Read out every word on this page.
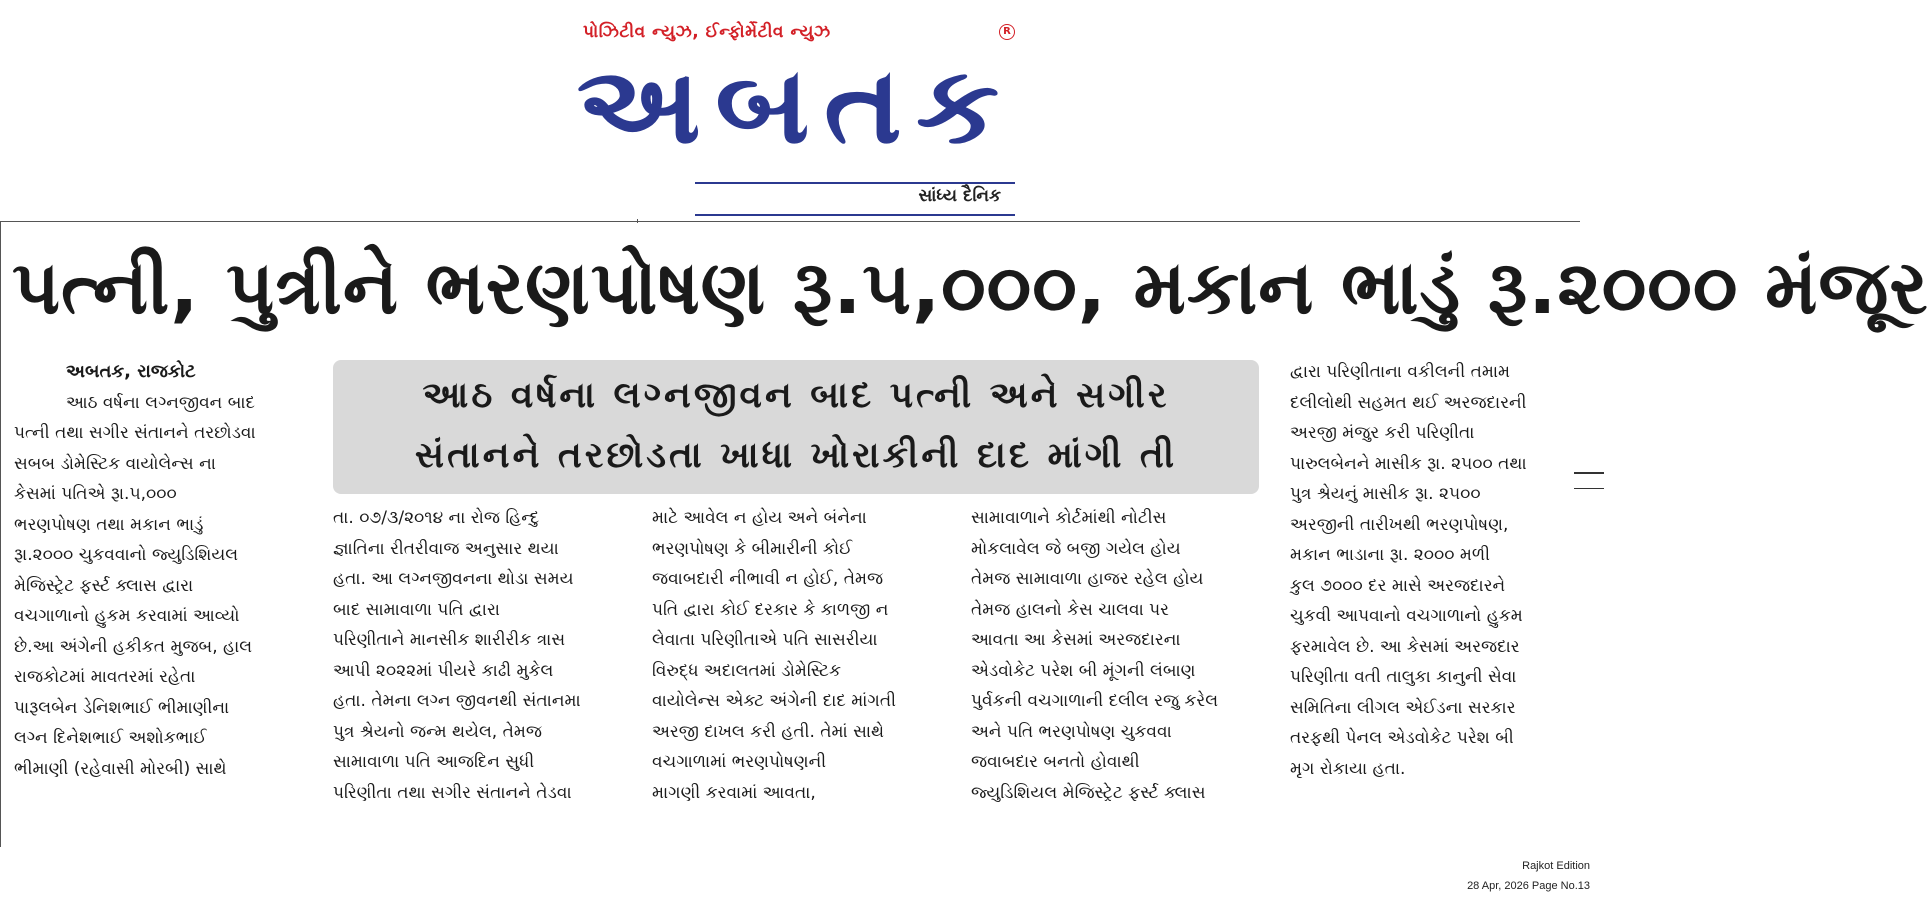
પોઝિટીવ ન્યુઝ, ઈન્ફોર્મેટીવ ન્યુઝ	R
અબતક
સાંધ્ય દૈનિક
પત્ની, પુત્રીને ભરણપોષણ રૂ.૫,૦૦૦, મકાન ભાડું રૂ.૨૦૦૦ મંજૂર
આઠ વર્ષના લગ્નજીવન બાદ પત્ની અને સગીર
સંતાનને તરછોડતા ખાધા ખોરાકીની દાદ માંગી તી
અબતક, રાજકોટ
આઠ વર્ષના લગ્નજીવન બાદ
પત્ની તથા સગીર સંતાનને તરછોડવા
સબબ ડોમેસ્ટિક વાયોલેન્સ ના
કેસમાં પતિએ રૂા.૫,૦૦૦
ભરણપોષણ તથા મકાન ભાડું
રૂા.૨૦૦૦ ચુકવવાનો જ્યુડિશિયલ
મેજિસ્ટ્રેટ ફર્સ્ટ ક્લાસ દ્વારા
વચગાળાનો હુકમ કરવામાં આવ્યો
છે.આ અંગેની હકીકત મુજબ, હાલ
રાજકોટમાં માવતરમાં રહેતા
પારૂલબેન ડેનિશભાઈ ભીમાણીના
લગ્ન દિનેશભાઈ અશોકભાઈ
ભીમાણી (રહેવાસી મોરબી) સાથે
તા. ૦૭/૩/૨૦૧૪ ના રોજ હિન્દુ
જ્ઞાતિના રીતરીવાજ અનુસાર થયા
હતા. આ લગ્નજીવનના થોડા સમય
બાદ સામાવાળા પતિ દ્વારા
પરિણીતાને માનસીક શારીરીક ત્રાસ
આપી ૨૦૨૨માં પીયરે કાઢી મુકેલ
હતા. તેમના લગ્ન જીવનથી સંતાનમા
પુત્ર શ્રેયનો જન્મ થયેલ, તેમજ
સામાવાળા પતિ આજદિન સુધી
પરિણીતા તથા સગીર સંતાનને તેડવા
માટે આવેલ ન હોય અને બંનેના
ભરણપોષણ કે બીમારીની કોઈ
જવાબદારી નીભાવી ન હોઈ, તેમજ
પતિ દ્વારા કોઈ દરકાર કે કાળજી ન
લેવાતા પરિણીતાએ પતિ સાસરીયા
વિરુદ્ધ અદાલતમાં ડોમેસ્ટિક
વાયોલેન્સ એક્ટ અંગેની દાદ માંગતી
અરજી દાખલ કરી હતી. તેમાં સાથે
વચગાળામાં ભરણપોષણની
માગણી કરવામાં આવતા,
સામાવાળાને કોર્ટમાંથી નોટીસ
મોકલાવેલ જે બજી ગયેલ હોય
તેમજ સામાવાળા હાજર રહેલ હોય
તેમજ હાલનો કેસ ચાલવા પર
આવતા આ કેસમાં અરજદારના
એડવોકેટ પરેશ બી મૂંગની લંબાણ
પુર્વકની વચગાળાની દલીલ રજુ કરેલ
અને પતિ ભરણપોષણ ચુકવવા
જવાબદાર બનતો હોવાથી
જ્યુડિશિયલ મેજિસ્ટ્રેટ ફર્સ્ટ ક્લાસ
દ્વારા પરિણીતાના વકીલની તમામ
દલીલોથી સહમત થઈ અરજદારની
અરજી મંજુર કરી પરિણીતા
પારુલબેનને માસીક રૂા. ૨૫૦૦ તથા
પુત્ર શ્રેયનું માસીક રૂા. ૨૫૦૦
અરજીની તારીખથી ભરણપોષણ,
મકાન ભાડાના રૂા. ૨૦૦૦ મળી
કુલ ૭૦૦૦ દર માસે અરજદારને
ચુકવી આપવાનો વચગાળાનો હુકમ
ફરમાવેલ છે. આ કેસમાં અરજદાર
પરિણીતા વતી તાલુકા કાનુની સેવા
સમિતિના લીગલ એઈડના સરકાર
તરફથી પેનલ એડવોકેટ પરેશ બી
મૃગ રોકાયા હતા.
Rajkot Edition
28 Apr, 2026 Page No.13
